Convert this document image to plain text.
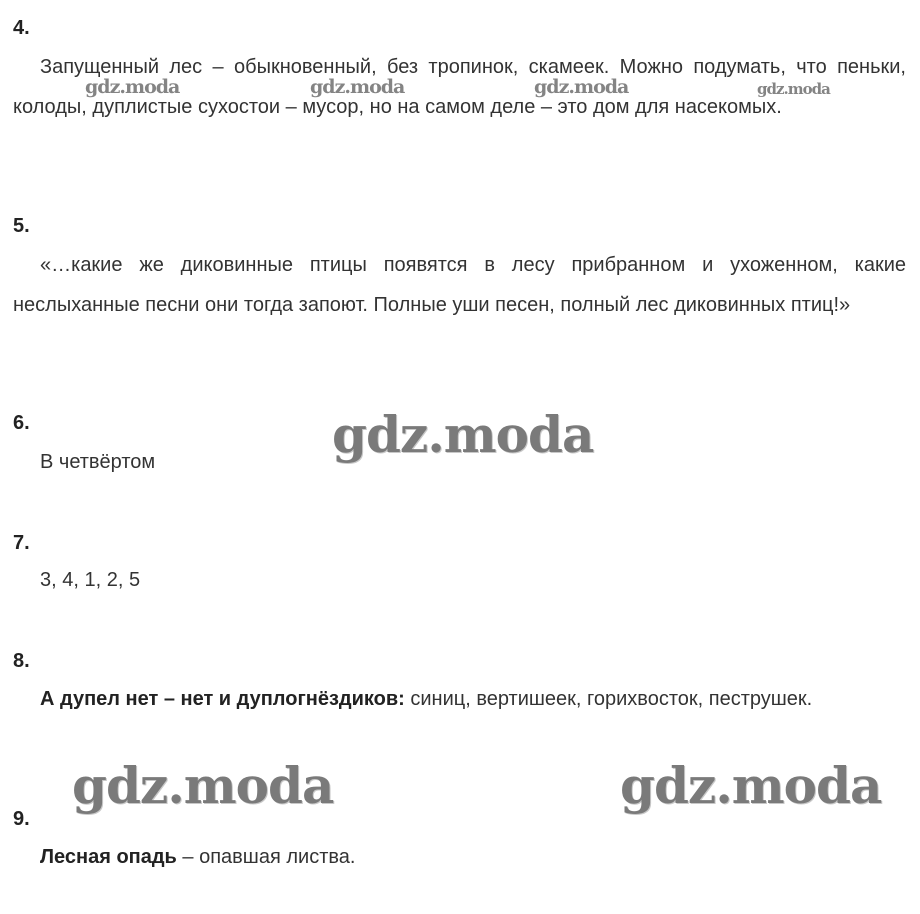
4.

Запущенный лес – обыкновенный, без тропинок, скамеек. Можно подумать, что пеньки, колоды, дуплистые сухостои – мусор, но на самом деле – это дом для насекомых.

5.

«…какие же диковинные птицы появятся в лесу прибранном и ухоженном, какие неслыханные песни они тогда запоют. Полные уши песен, полный лес диковинных птиц!»

6.

В четвёртом

7.

3, 4, 1, 2, 5

8.

А дупел нет – нет и дуплогнёздиков: синиц, вертишеек, горихвосток, пеструшек.

9.

Лесная опадь – опавшая листва.

gdz.moda	gdz.moda	gdz.moda	gdz.moda
gdz.moda
gdz.moda	gdz.moda
